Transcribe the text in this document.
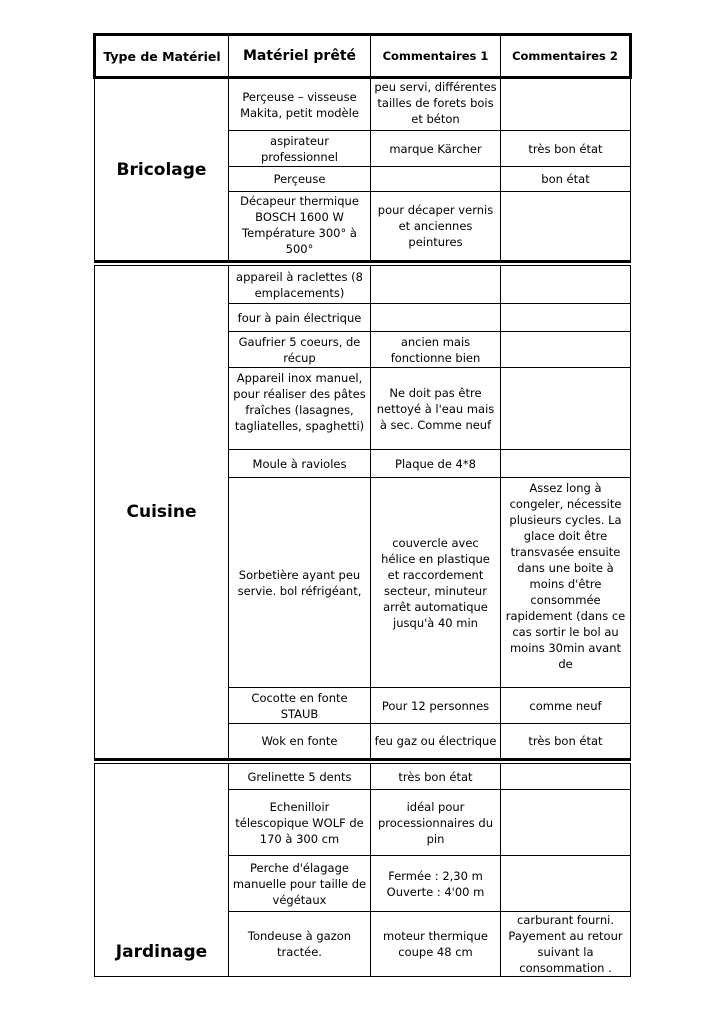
Type de Matériel	Matériel prêté	Commentaires 1	Commentaires 2
Bricolage	Perçeuse – visseuse Makita, petit modèle	peu servi, différentes tailles de forets bois et béton	

	aspirateur professionnel	marque Kärcher	très bon état
	Perçeuse		bon état

	Décapeur thermique BOSCH 1600 W Température 300° à 500°	pour décaper vernis et anciennes peintures	

Cuisine	appareil à raclettes (8 emplacements)		
	four à pain électrique		

	Gaufrier 5 coeurs, de récup	ancien mais fonctionne bien	

	Appareil inox manuel, pour réaliser des pâtes fraîches (lasagnes, tagliatelles, spaghetti)	Ne doit pas être nettoyé à l'eau mais à sec. Comme neuf	
	Moule à ravioles	Plaque de 4*8	
	Sorbetière ayant peu servie. bol réfrigéant,	couvercle avec hélice en plastique et raccordement secteur, minuteur arrêt automatique jusqu'à 40 min	Assez long à congeler, nécessite plusieurs cycles. La glace doit être transvasée ensuite dans une boite à moins d'être consommée rapidement (dans ce cas sortir le bol au moins 30min avant de

	Cocotte en fonte STAUB	Pour 12 personnes	comme neuf
	Wok en fonte	feu gaz ou électrique	très bon état

Jardinage	Grelinette 5 dents	très bon état	
	Echenilloir télescopique WOLF de 170 à 300 cm	idéal pour processionnaires du pin	
	Perche d'élagage manuelle pour taille de végétaux	Fermée : 2,30 m Ouverte : 4'00 m	
	Tondeuse à gazon tractée.	moteur thermique coupe 48 cm	carburant fourni. Payement au retour suivant la consommation .
